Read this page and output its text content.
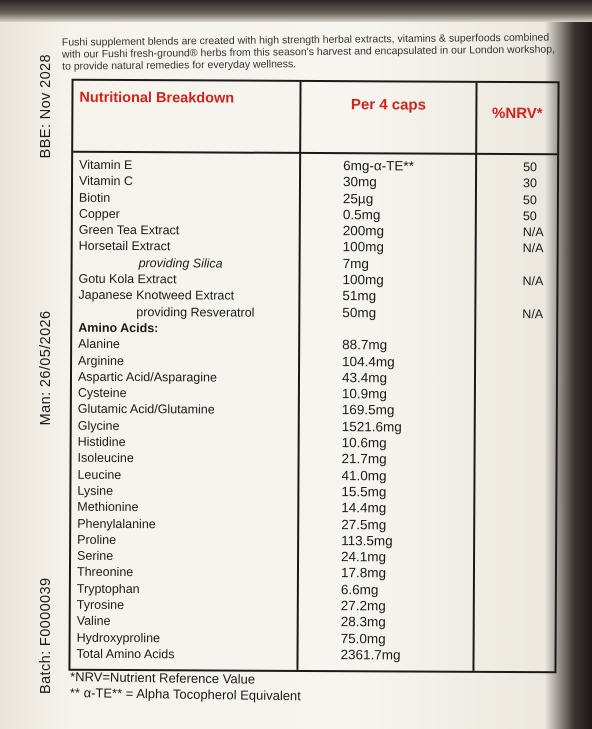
Fushi supplement blends are created with high strength herbal extracts, vitamins & superfoods combined with our Fushi fresh-ground® herbs from this season's harvest and encapsulated in our London workshop, to provide natural remedies for everyday wellness.
Batch: F0000039
Man: 26/05/2026
BBE: Nov 2028 Nutritional Breakdown	Per 4 caps	%NRV*
Vitamin E	6mg-α-TE**	50
Vitamin C	30mg	30
Biotin	25µg	50
Copper	0.5mg	50
Green Tea Extract	200mg	N/A
Horsetail Extract	100mg	N/A
providing Silica	7mg
Gotu Kola Extract	100mg	N/A
Japanese Knotweed Extract	51mg
providing Resveratrol	50mg	N/A
Amino Acids:
Alanine	88.7mg
Arginine	104.4mg
Aspartic Acid/Asparagine	43.4mg
Cysteine	10.9mg
Glutamic Acid/Glutamine	169.5mg
Glycine	1521.6mg
Histidine	10.6mg
Isoleucine	21.7mg
Leucine	41.0mg
Lysine	15.5mg
Methionine	14.4mg
Phenylalanine	27.5mg
Proline	113.5mg
Serine	24.1mg
Threonine	17.8mg
Tryptophan	6.6mg
Tyrosine	27.2mg
Valine	28.3mg
Hydroxyproline	75.0mg
Total Amino Acids	2361.7mg
*NRV=Nutrient Reference Value
** α-TE** = Alpha Tocopherol Equivalent
